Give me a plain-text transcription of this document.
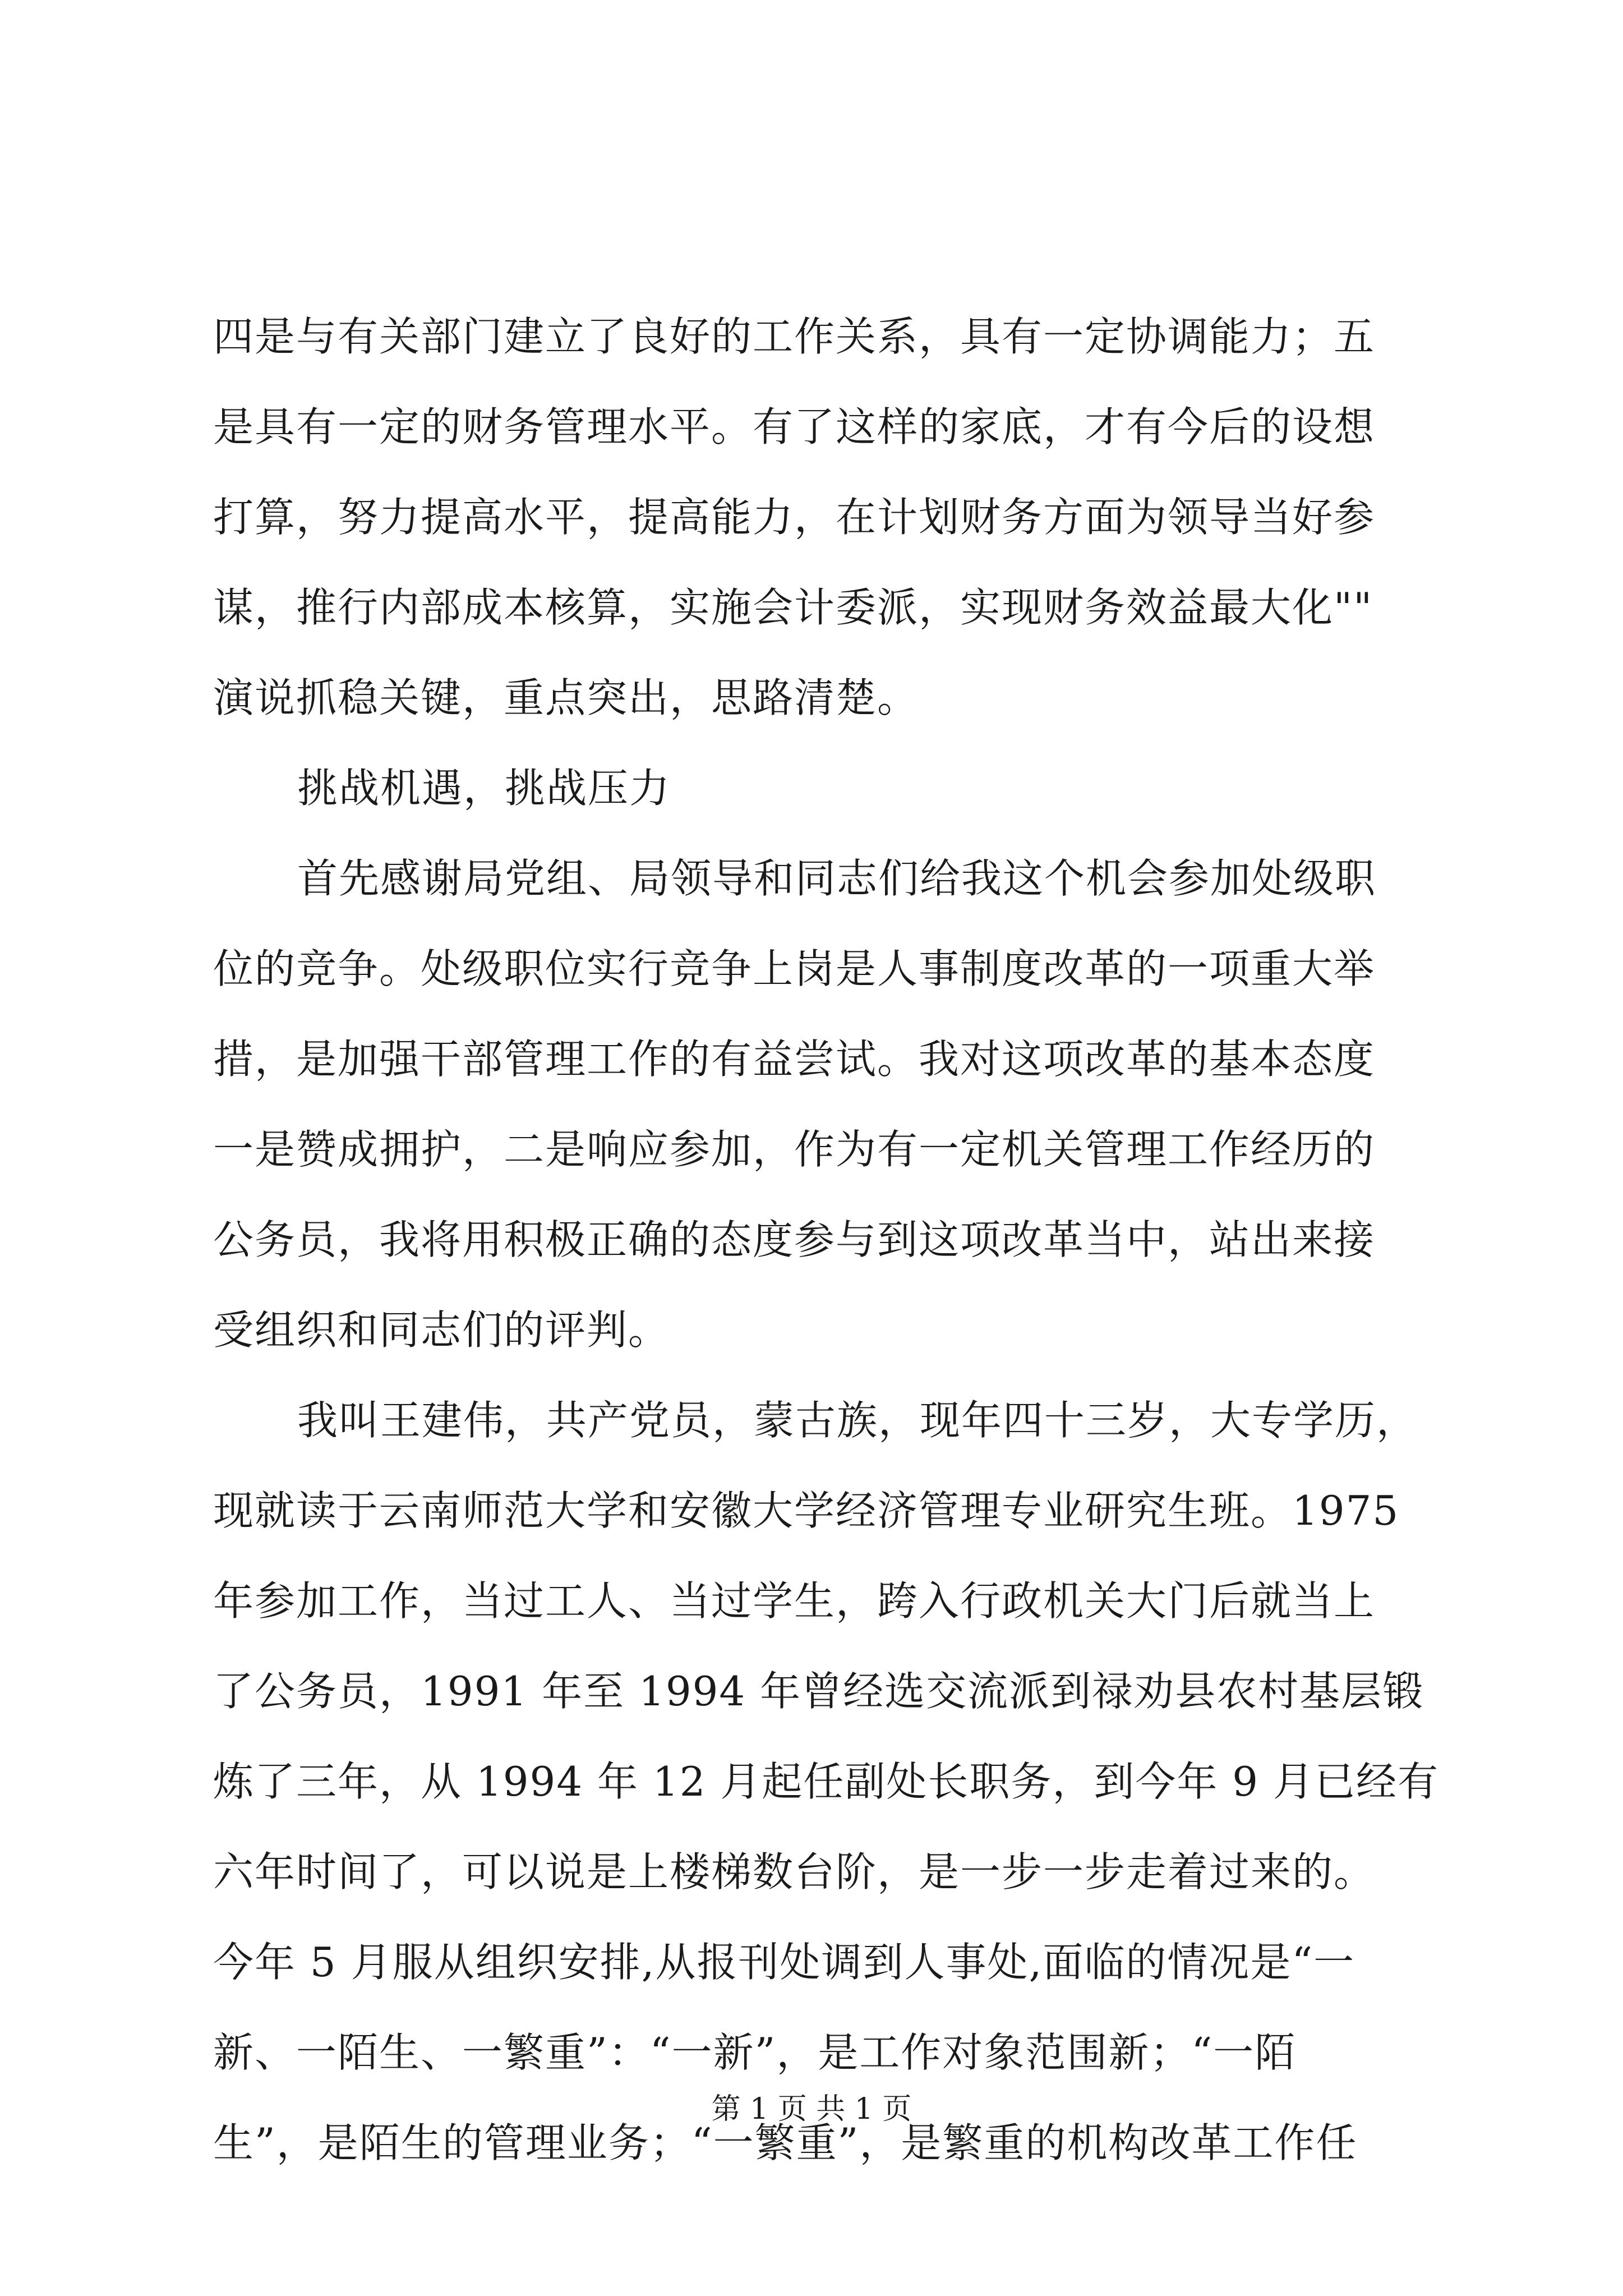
四是与有关部门建立了良好的工作关系，具有一定协调能力；五
是具有一定的财务管理水平。有了这样的家底，才有今后的设想
打算，努力提高水平，提高能力，在计划财务方面为领导当好参
谋，推行内部成本核算，实施会计委派，实现财务效益最大化""
演说抓稳关键，重点突出，思路清楚。
挑战机遇，挑战压力
首先感谢局党组、局领导和同志们给我这个机会参加处级职
位的竞争。处级职位实行竞争上岗是人事制度改革的一项重大举
措，是加强干部管理工作的有益尝试。我对这项改革的基本态度
一是赞成拥护，二是响应参加，作为有一定机关管理工作经历的
公务员，我将用积极正确的态度参与到这项改革当中，站出来接
受组织和同志们的评判。
我叫王建伟，共产党员，蒙古族，现年四十三岁，大专学历，
现就读于云南师范大学和安徽大学经济管理专业研究生班。1975
年参加工作，当过工人、当过学生，跨入行政机关大门后就当上
了公务员，1991 年至 1994 年曾经选交流派到禄劝县农村基层锻
炼了三年，从 1994 年 12 月起任副处长职务，到今年 9 月已经有
六年时间了，可以说是上楼梯数台阶，是一步一步走着过来的。
今年 5 月服从组织安排,从报刊处调到人事处,面临的情况是“一
新、一陌生、一繁重”：“一新”，是工作对象范围新；“一陌
生”，是陌生的管理业务；“一繁重”，是繁重的机构改革工作任
第 1 页 共 1 页
